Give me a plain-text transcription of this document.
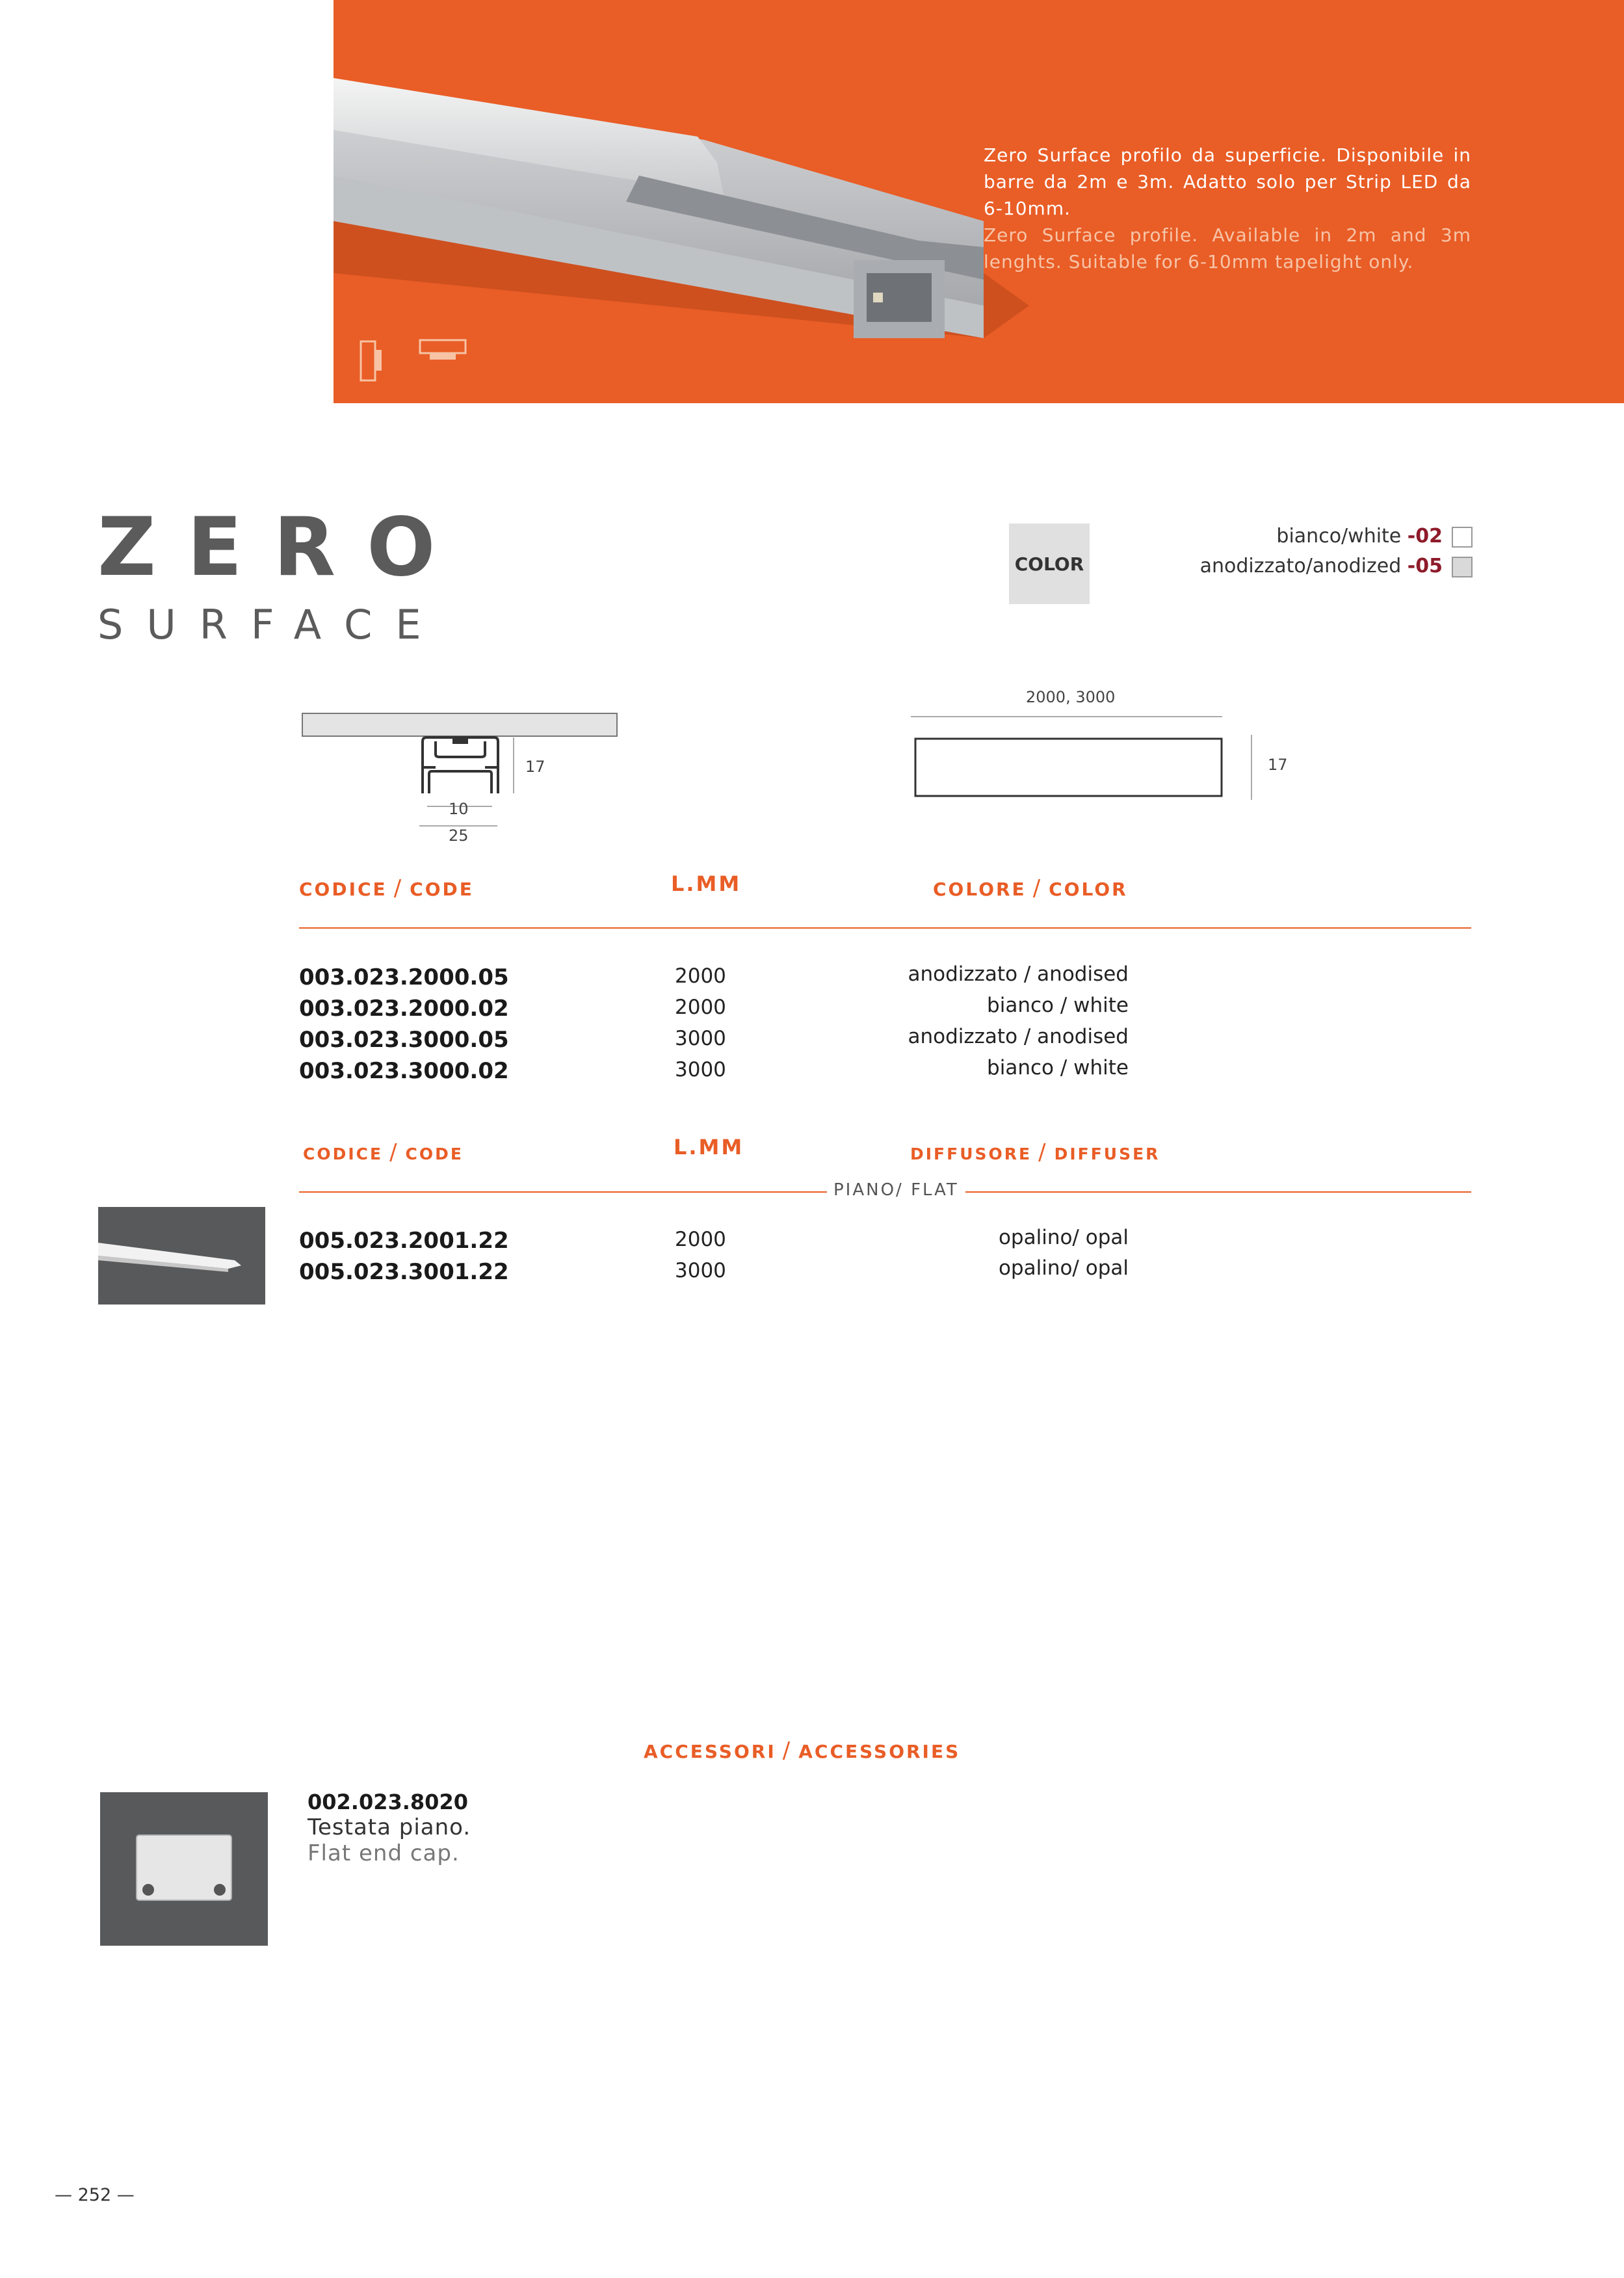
Zero Surface profilo da superficie. Disponibile in barre da 2m e 3m. Adatto solo per Strip LED da 6-10mm.
Zero Surface profile. Available in 2m and 3m lenghts. Suitable for 6-10mm tapelight only.
ZERO
SURFACE
COLOR
bianco/white -02
anodizzato/anodized -05
17
10
25
2000, 3000
17
CODICE / CODE	L.MM	COLORE / COLOR
003.023.2000.05	2000	anodizzato / anodised
003.023.2000.02	2000	bianco / white
003.023.3000.05	3000	anodizzato / anodised
003.023.3000.02	3000	bianco / white
CODICE / CODE	L.MM	DIFFUSORE / DIFFUSER
PIANO/ FLAT
005.023.2001.22	2000	opalino/ opal
005.023.3001.22	3000	opalino/ opal
ACCESSORI / ACCESSORIES
002.023.8020
Testata piano.
Flat end cap.
— 252 —
